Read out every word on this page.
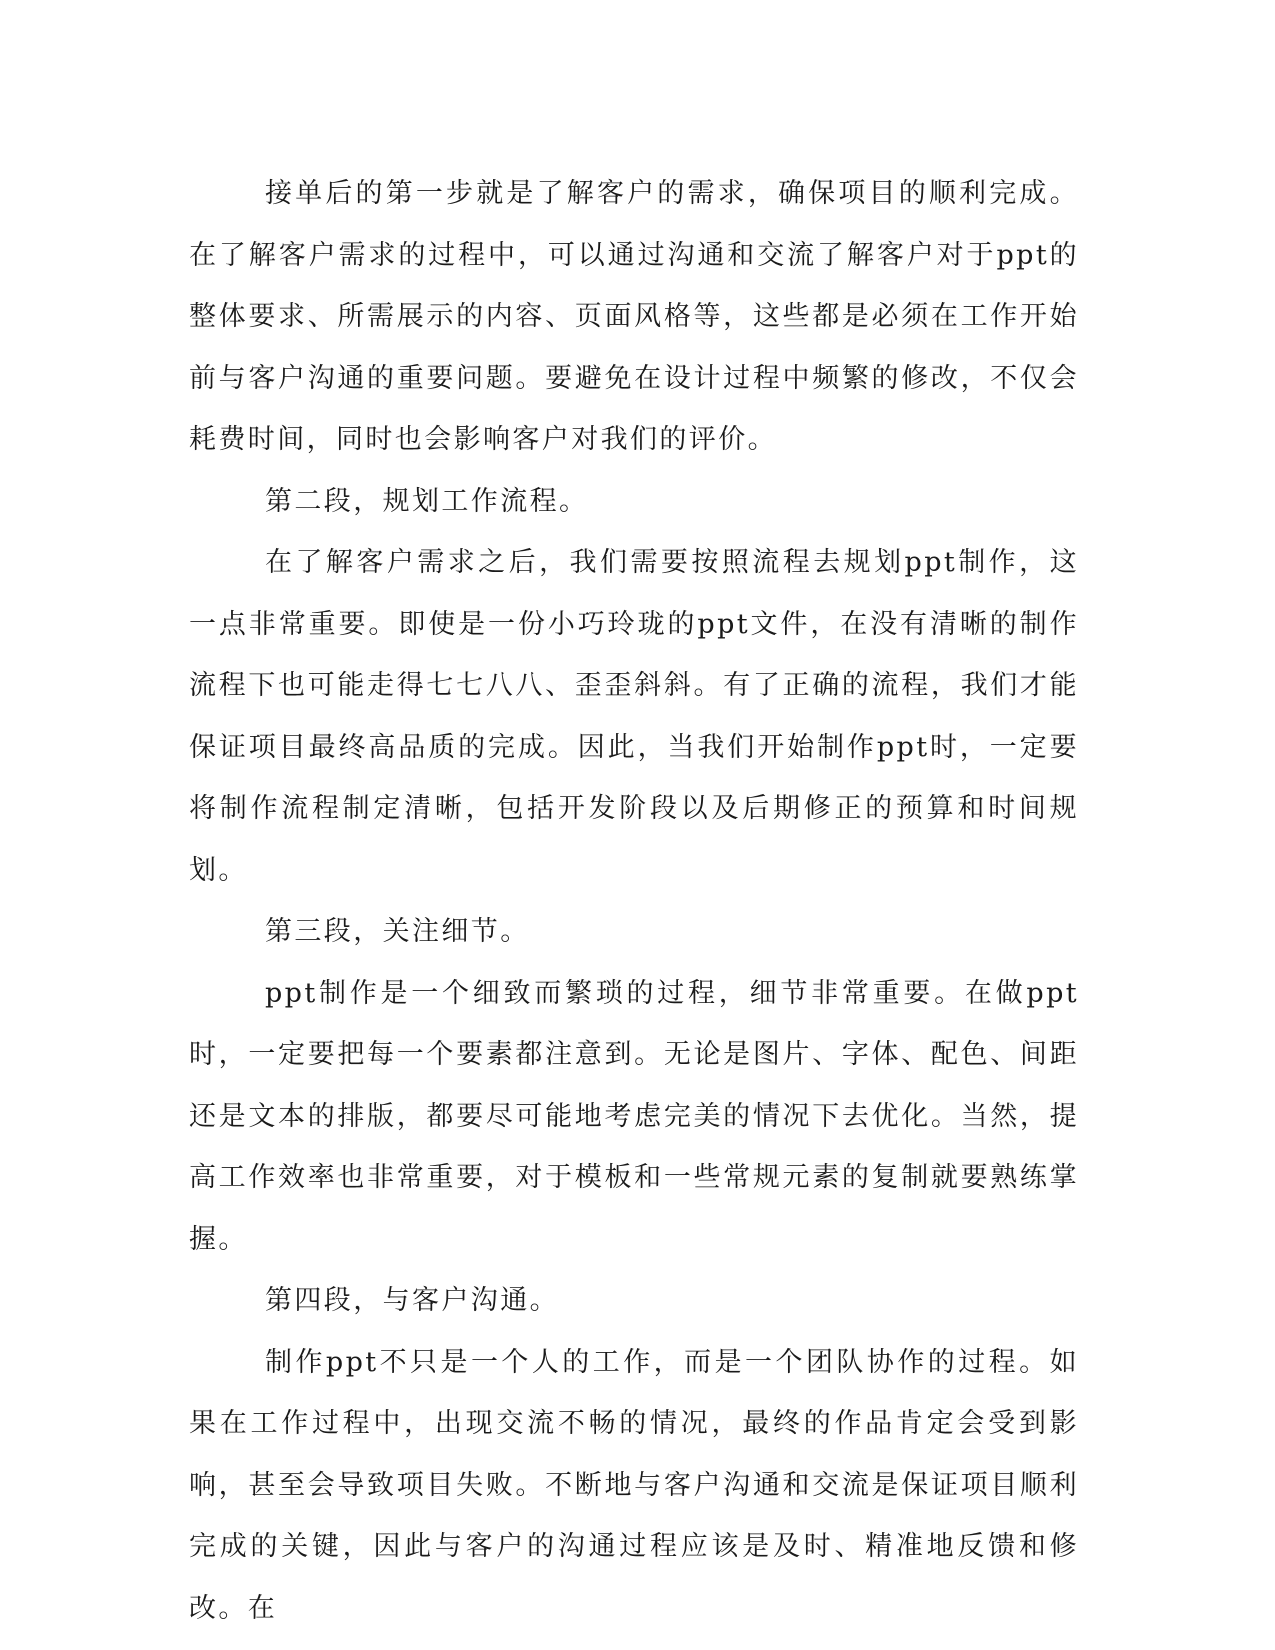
接单后的第一步就是了解客户的需求，确保项目的顺利完成。在了解客户需求的过程中，可以通过沟通和交流了解客户对于ppt的整体要求、所需展示的内容、页面风格等，这些都是必须在工作开始前与客户沟通的重要问题。要避免在设计过程中频繁的修改，不仅会耗费时间，同时也会影响客户对我们的评价。

第二段，规划工作流程。

在了解客户需求之后，我们需要按照流程去规划ppt制作，这一点非常重要。即使是一份小巧玲珑的ppt文件，在没有清晰的制作流程下也可能走得七七八八、歪歪斜斜。有了正确的流程，我们才能保证项目最终高品质的完成。因此，当我们开始制作ppt时，一定要将制作流程制定清晰，包括开发阶段以及后期修正的预算和时间规划。

第三段，关注细节。

ppt制作是一个细致而繁琐的过程，细节非常重要。在做ppt时，一定要把每一个要素都注意到。无论是图片、字体、配色、间距还是文本的排版，都要尽可能地考虑完美的情况下去优化。当然，提高工作效率也非常重要，对于模板和一些常规元素的复制就要熟练掌握。

第四段，与客户沟通。

制作ppt不只是一个人的工作，而是一个团队协作的过程。如果在工作过程中，出现交流不畅的情况，最终的作品肯定会受到影响，甚至会导致项目失败。不断地与客户沟通和交流是保证项目顺利完成的关键，因此与客户的沟通过程应该是及时、精准地反馈和修改。在
